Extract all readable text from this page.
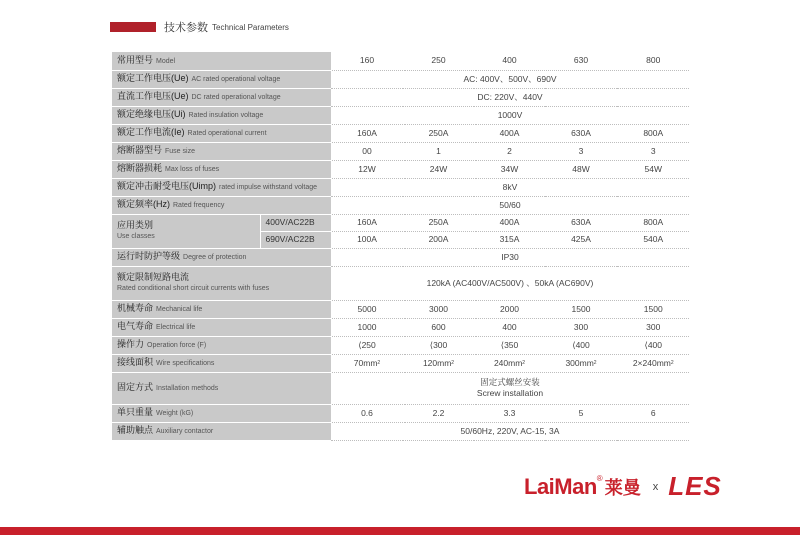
技术参数 Technical Parameters
常用型号 Model		160	250	400	630	800
额定工作电压(Ue) AC rated operational voltage		AC: 400V、500V、690V				
直流工作电压(Ue) DC rated operational voltage		DC: 220V、440V				
额定绝缘电压(Ui) Rated insulation voltage		1000V				
额定工作电流(Ie) Rated operational current		160A	250A	400A	630A	800A
熔断器型号 Fuse size		00	1	2	3	3
熔断器损耗 Max loss of fuses		12W	24W	34W	48W	54W
额定冲击耐受电压(Uimp) rated impulse withstand voltage		8kV				
额定频率(Hz) Rated frequency		50/60				

应用类别
Use classes	400V/AC22B	160A	250A	400A	630A	800A
	690V/AC22B	100A	200A	315A	425A	540A
运行时防护等级 Degree of protection		IP30				

额定限制短路电流
Rated conditional short circuit currents with fuses		120kA (AC400V/AC500V) 、50kA (AC690V)				
机械寿命 Mechanical life		5000	3000	2000	1500	1500
电气寿命 Electrical life		1000	600	400	300	300
操作力 Operation force (F)		⟨250	⟨300	⟨350	⟨400	⟨400
接线面积 Wire specifications		$70mm^2$	$120mm^2$	$240mm^2$	$300mm^2$	$2\times 240mm^2$
固定方式 Installation methods		固定式螺丝安装
Screw installation				

单只重量 Weight (kG)		0.6	2.2	3.3	5	6
辅助触点 Auxiliary contactor		50/60Hz, 220V, AC-15, 3A				
LaiMan ® 莱曼 x LES
